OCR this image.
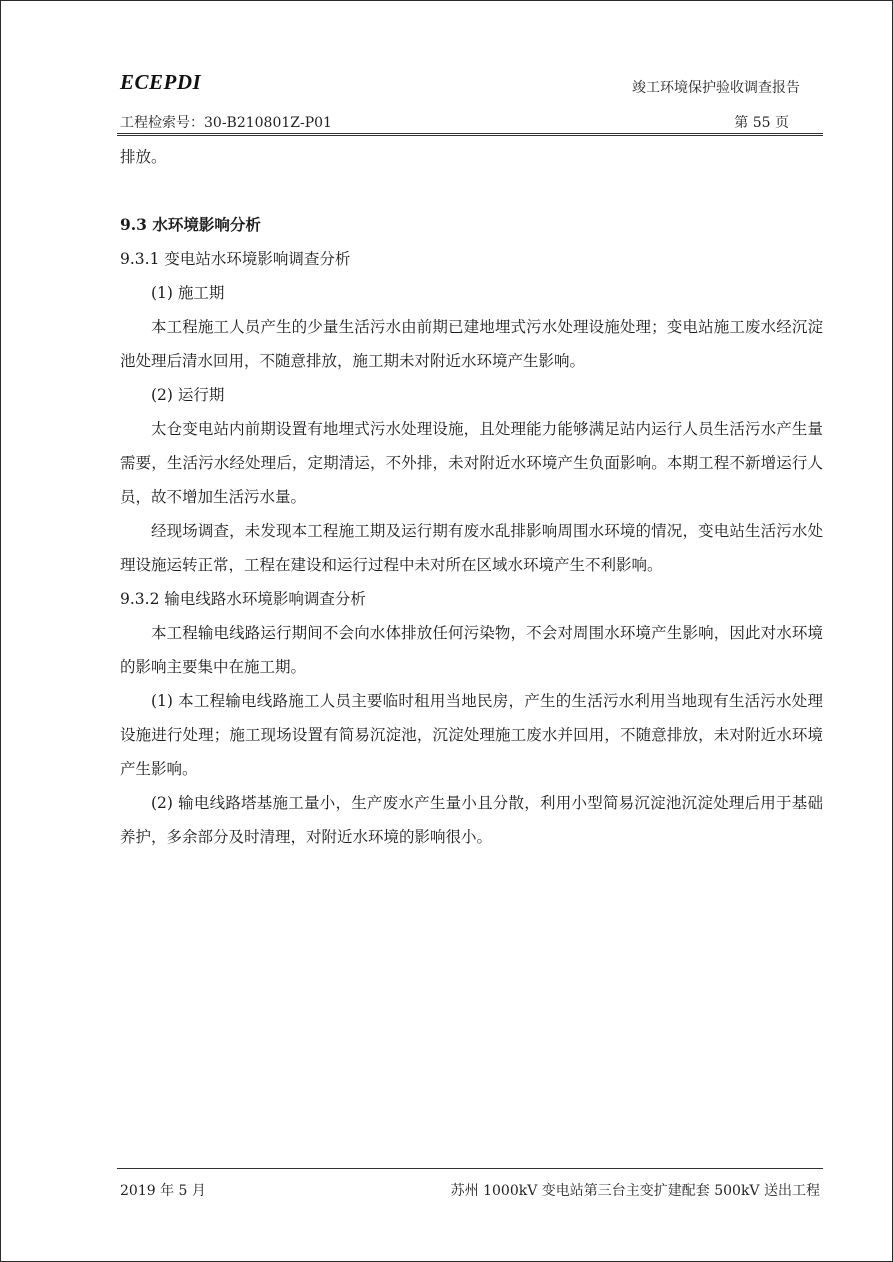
ECEPDI	竣工环境保护验收调查报告
工程检索号：30-B210801Z-P01	第 55 页

排放。

9.3 水环境影响分析

9.3.1 变电站水环境影响调查分析

(1) 施工期

本工程施工人员产生的少量生活污水由前期已建地埋式污水处理设施处理；变电站施工废水经沉淀池处理后清水回用，不随意排放，施工期未对附近水环境产生影响。

(2) 运行期

太仓变电站内前期设置有地埋式污水处理设施，且处理能力能够满足站内运行人员生活污水产生量需要，生活污水经处理后，定期清运，不外排，未对附近水环境产生负面影响。本期工程不新增运行人员，故不增加生活污水量。

经现场调查，未发现本工程施工期及运行期有废水乱排影响周围水环境的情况，变电站生活污水处理设施运转正常，工程在建设和运行过程中未对所在区域水环境产生不利影响。

9.3.2 输电线路水环境影响调查分析

本工程输电线路运行期间不会向水体排放任何污染物，不会对周围水环境产生影响，因此对水环境的影响主要集中在施工期。

(1) 本工程输电线路施工人员主要临时租用当地民房，产生的生活污水利用当地现有生活污水处理设施进行处理；施工现场设置有简易沉淀池，沉淀处理施工废水并回用，不随意排放，未对附近水环境产生影响。

(2) 输电线路塔基施工量小，生产废水产生量小且分散，利用小型简易沉淀池沉淀处理后用于基础养护，多余部分及时清理，对附近水环境的影响很小。

2019 年 5 月	苏州 1000kV 变电站第三台主变扩建配套 500kV 送出工程
